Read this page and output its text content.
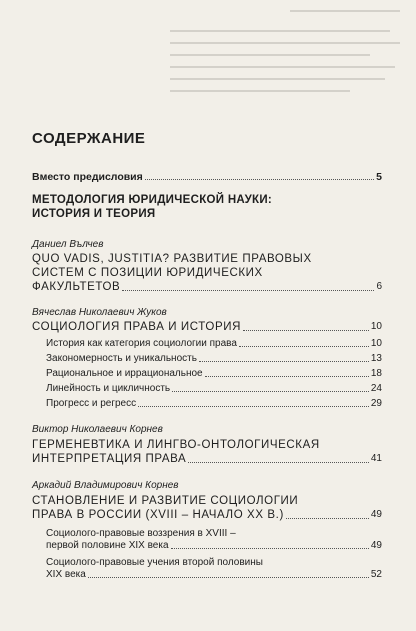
СОДЕРЖАНИЕ
Вместо предисловия	5
МЕТОДОЛОГИЯ ЮРИДИЧЕСКОЙ НАУКИ:
ИСТОРИЯ И ТЕОРИЯ
Даниел Вълчев
QUO VADIS, JUSTITIA? РАЗВИТИЕ ПРАВОВЫХ
СИСТЕМ С ПОЗИЦИИ ЮРИДИЧЕСКИХ
ФАКУЛЬТЕТОВ	6
Вячеслав Николаевич Жуков
СОЦИОЛОГИЯ ПРАВА И ИСТОРИЯ	10
История как категория социологии права	10
Закономерность и уникальность	13
Рациональное и иррациональное	18
Линейность и цикличность	24
Прогресс и регресс	29
Виктор Николаевич Корнев
ГЕРМЕНЕВТИКА И ЛИНГВО-ОНТОЛОГИЧЕСКАЯ
ИНТЕРПРЕТАЦИЯ ПРАВА	41
Аркадий Владимирович Корнев
СТАНОВЛЕНИЕ И РАЗВИТИЕ СОЦИОЛОГИИ
ПРАВА В РОССИИ (XVIII – НАЧАЛО XX В.)	49
Социолого-правовые воззрения в XVIII –
первой половине XIX века	49
Социолого-правовые учения второй половины
XIX века	52
